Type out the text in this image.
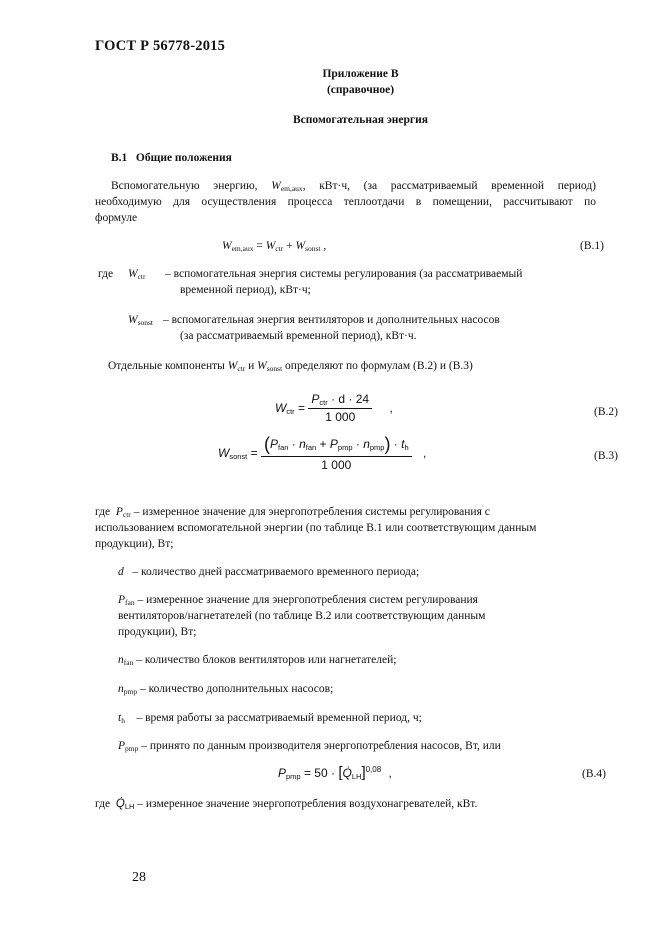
ГОСТ Р 56778-2015
Приложение В
(справочное)
Вспомогательная энергия
В.1 Общие положения
Вспомогательную энергию, $W_{em,aux}$, кВт·ч, (за рассматриваемый временной период)
необходимую для осуществления процесса теплоотдачи в помещении, рассчитывают по
формуле
$W_{em,aux} = W_{ctr} + W_{sonst}$ ,	(В.1)
где $W_{ctr}$ – вспомогательная энергия системы регулирования (за рассматриваемый
временной период), кВт·ч;
$W_{sonst}$ – вспомогательная энергия вентиляторов и дополнительных насосов
(за рассматриваемый временной период), кВт·ч.
Отдельные компоненты $W_{ctr}$ и $W_{sonst}$ определяют по формулам (В.2) и (В.3)
$W_{ctr} = \frac{P_{ctr} \cdot d \cdot 24}{1 000}$ ,	(В.2)
$W_{sonst} = \frac{(P_{fan} \cdot n_{fan} + P_{pmp} \cdot n_{pmp}) \cdot t_h}{1 000}$ ,	(В.3)
где $P_{ctr}$ – измеренное значение для энергопотребления системы регулирования с
использованием вспомогательной энергии (по таблице В.1 или соответствующим данным
продукции), Вт;
d – количество дней рассматриваемого временного периода;
$P_{fan}$ – измеренное значение для энергопотребления систем регулирования
вентиляторов/нагнетателей (по таблице В.2 или соответствующим данным
продукции), Вт;
$n_{fan}$ – количество блоков вентиляторов или нагнетателей;
$n_{pmp}$ – количество дополнительных насосов;
$t_h$ – время работы за рассматриваемый временной период, ч;
$P_{pmp}$ – принято по данным производителя энергопотребления насосов, Вт, или
$P_{pmp} = 50$ · $[Q̇_{LH}]^{0,08}$ ,	(В.4)
где $Q̇_{LH}$ – измеренное значение энергопотребления воздухонагревателей, кВт.
28
